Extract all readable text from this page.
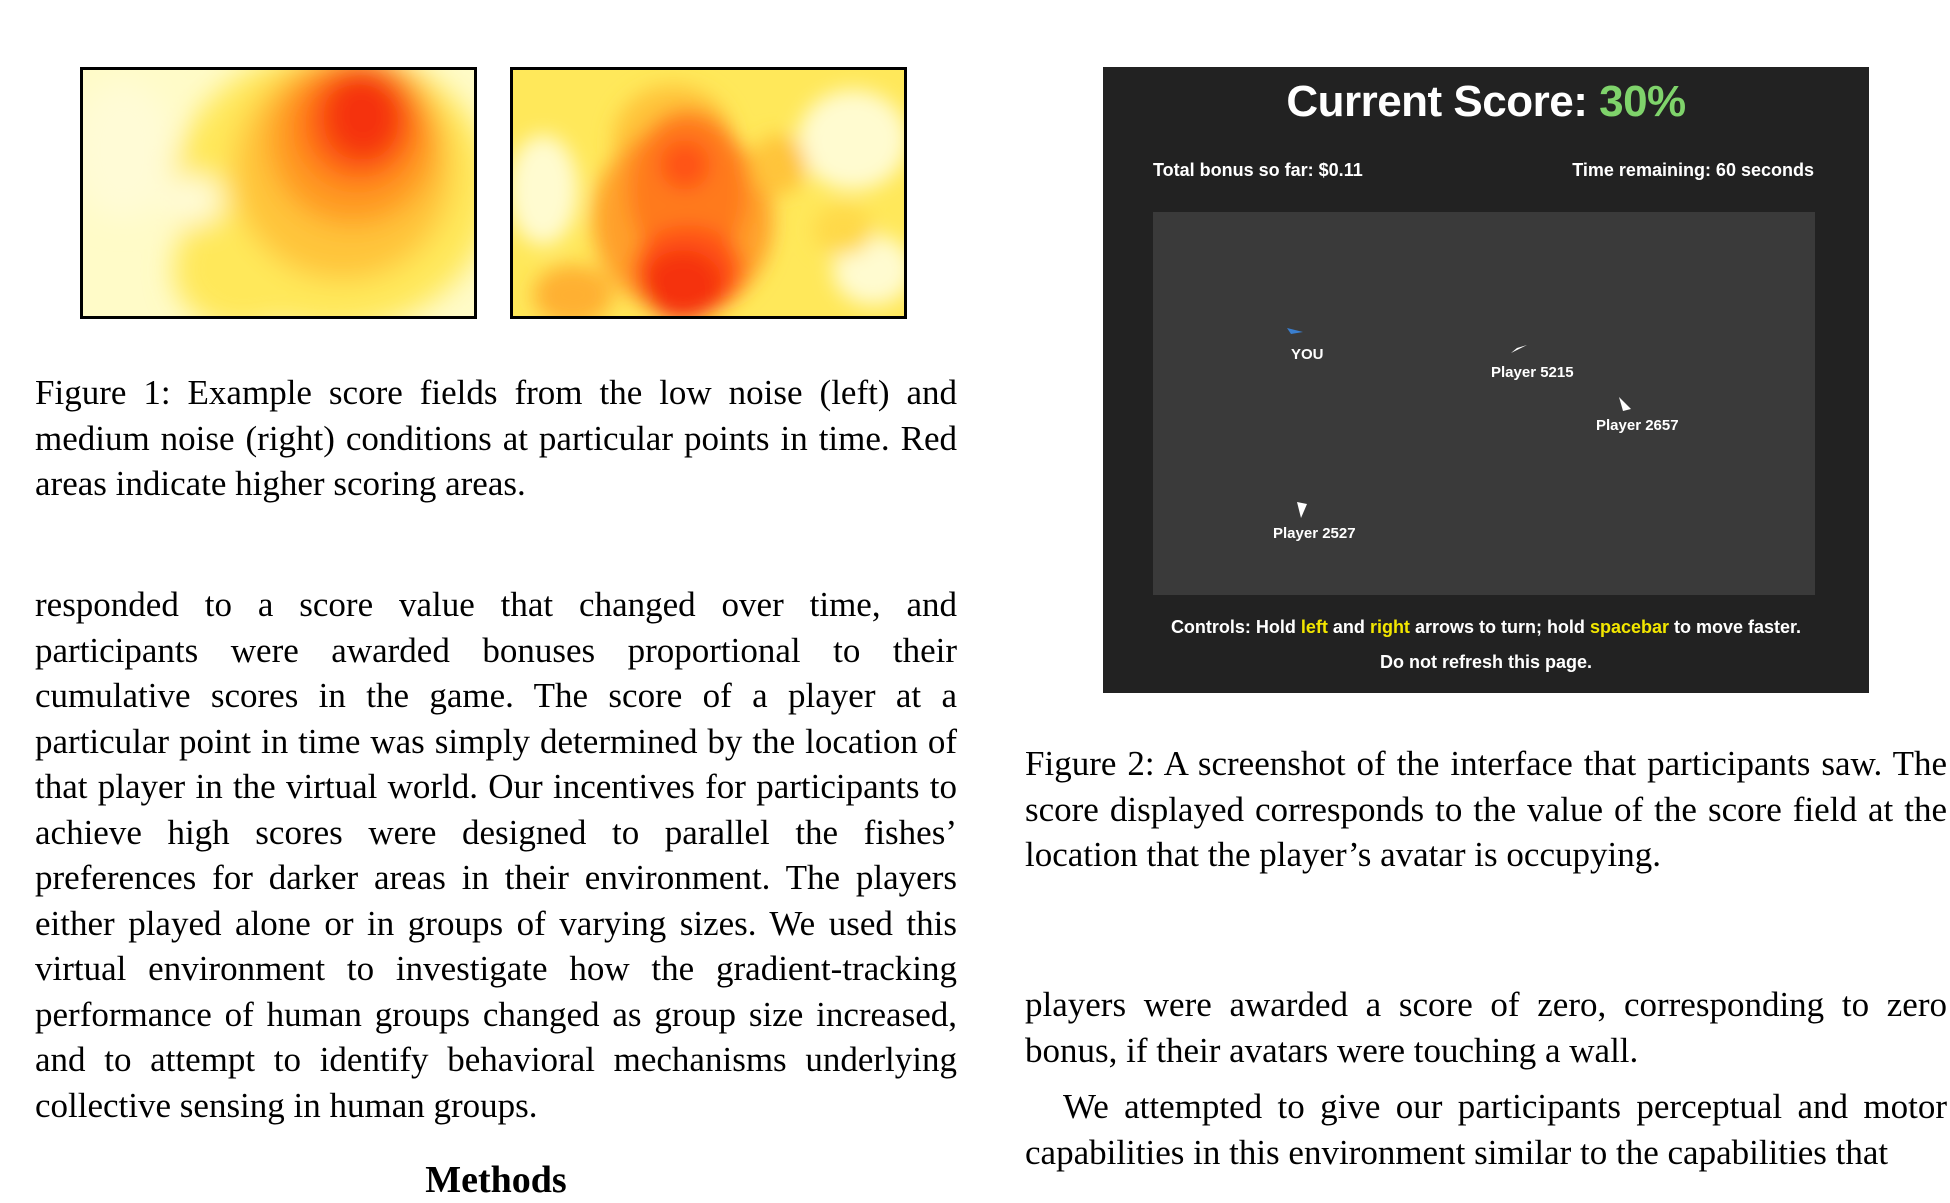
Figure 1: Example score fields from the low noise (left) and medium noise (right) conditions at particular points in time. Red areas indicate higher scoring areas.
responded to a score value that changed over time, and participants were awarded bonuses proportional to their cumulative scores in the game. The score of a player at a particular point in time was simply determined by the location of that player in the virtual world. Our incentives for participants to achieve high scores were designed to parallel the fishes’ preferences for darker areas in their environment. The players either played alone or in groups of varying sizes. We used this virtual environment to investigate how the gradient-tracking performance of human groups changed as group size increased, and to attempt to identify behavioral mechanisms underlying collective sensing in human groups.
Methods
Current Score: 30%
Total bonus so far: $0.11	Time remaining: 60 seconds
YOU
Player 5215
Player 2657
Player 2527
Controls: Hold left and right arrows to turn; hold spacebar to move faster.
Do not refresh this page.
Figure 2: A screenshot of the interface that participants saw. The score displayed corresponds to the value of the score field at the location that the player’s avatar is occupying.
players were awarded a score of zero, corresponding to zero bonus, if their avatars were touching a wall.
We attempted to give our participants perceptual and motor capabilities in this environment similar to the capabilities that
